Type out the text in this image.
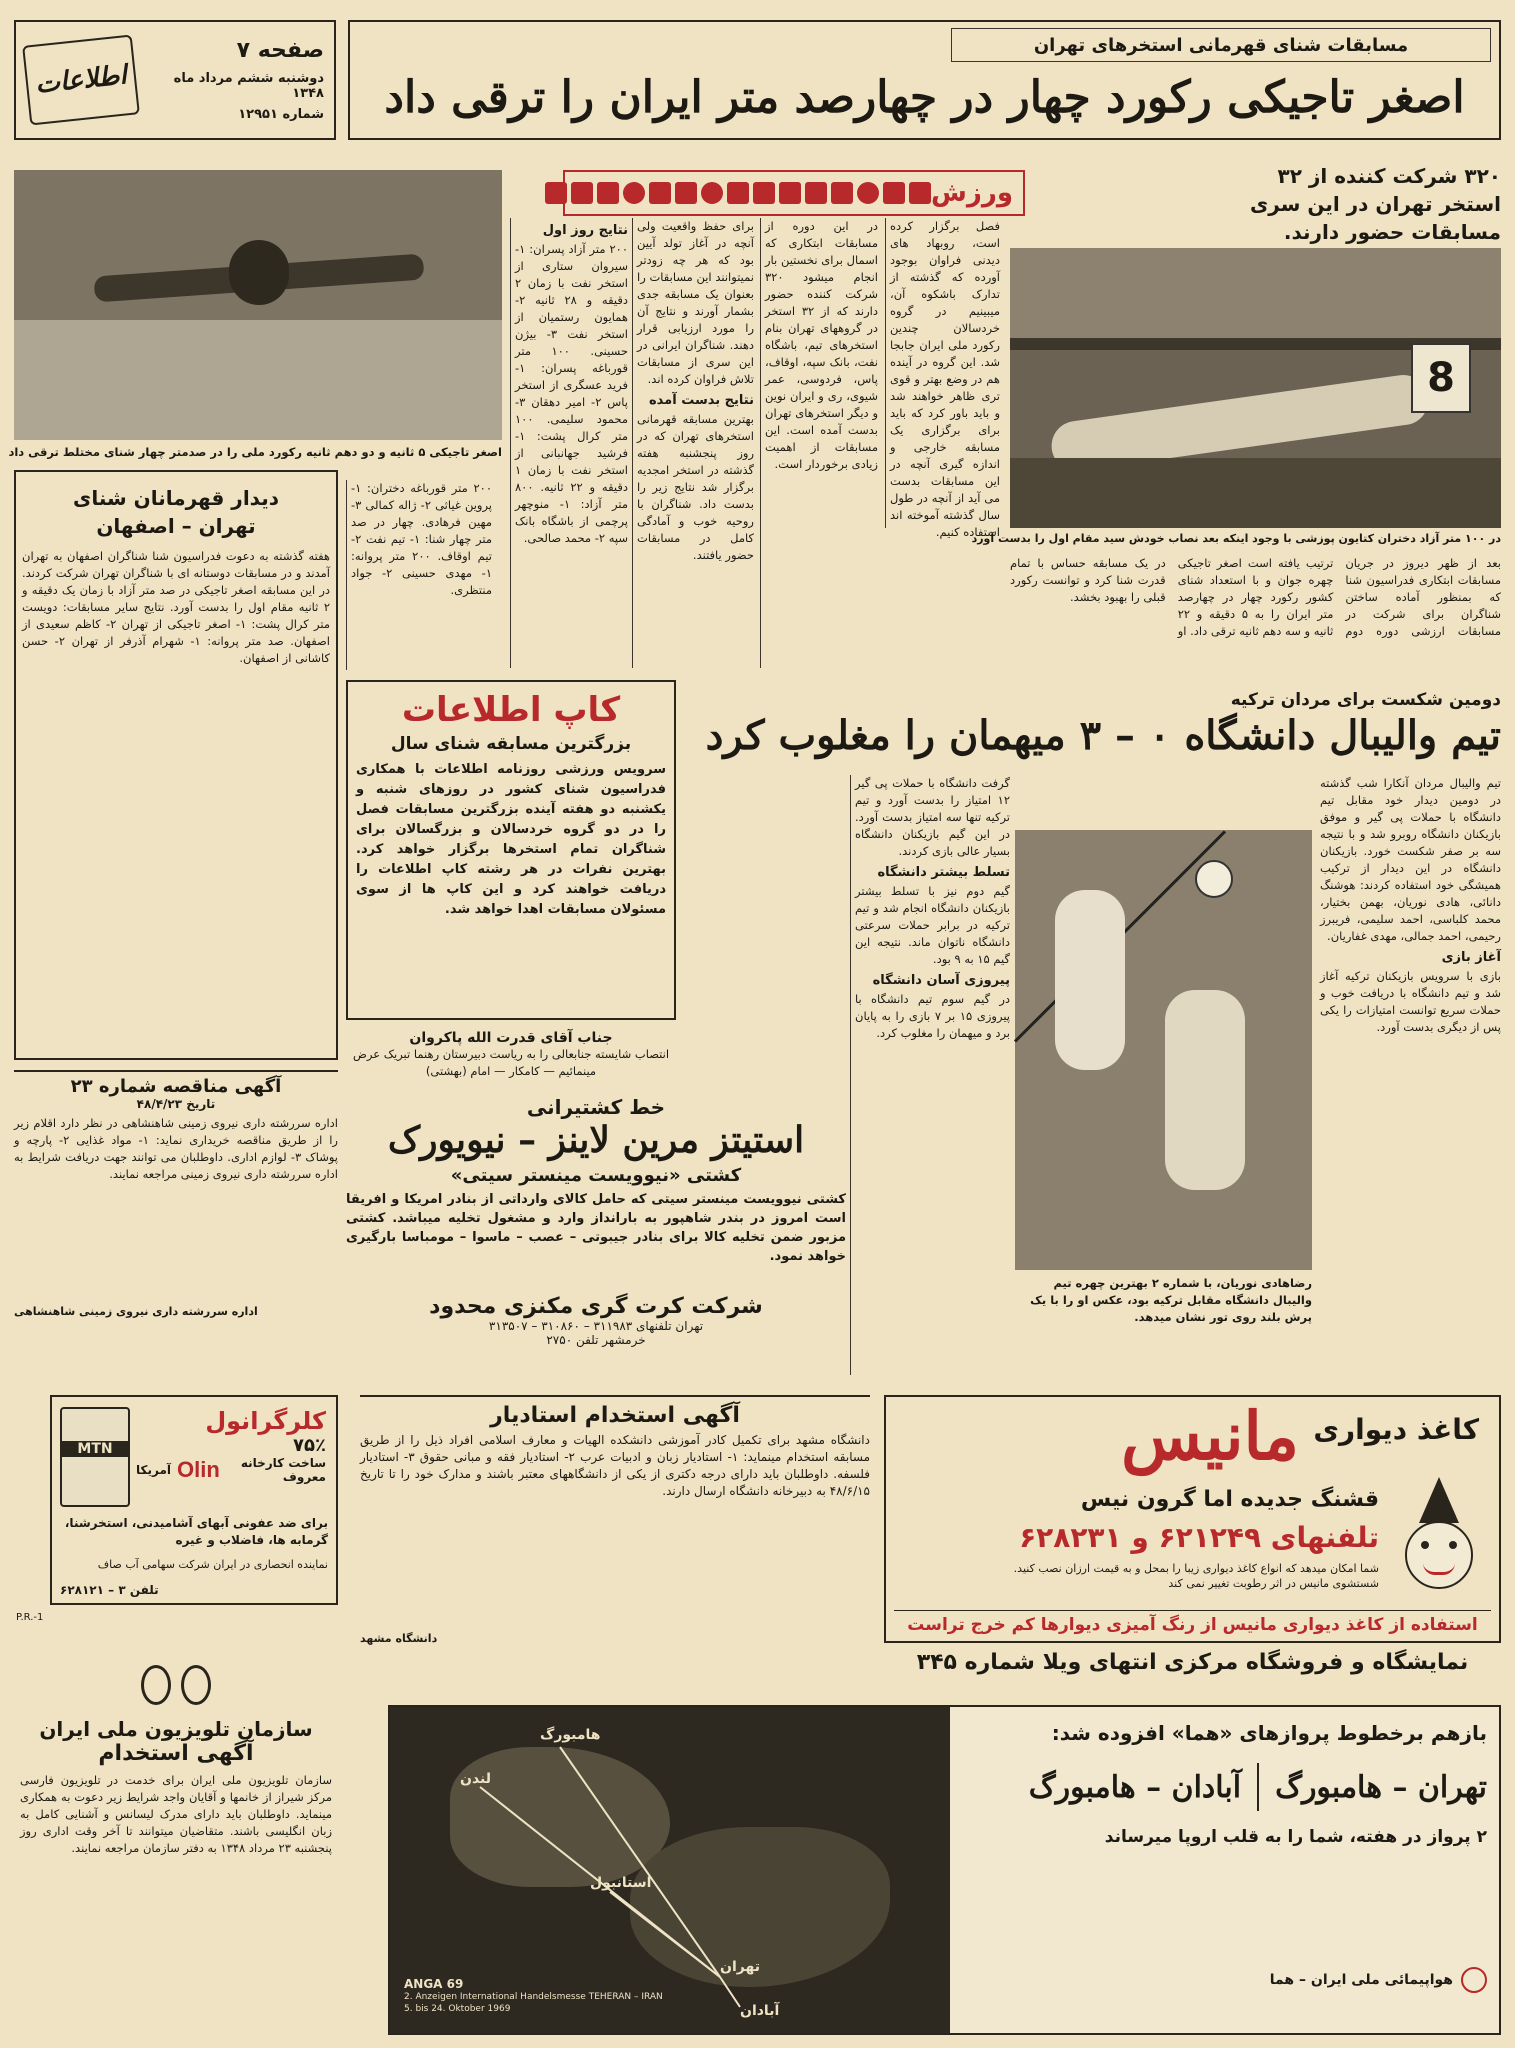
اطلاعات
صفحه ۷
دوشنبه ششم مرداد ماه ۱۳۴۸
شماره ۱۲۹۵۱
مسابقات شنای قهرمانی استخرهای تهران
اصغر تاجیکی رکورد چهار در چهارصد متر ایران را ترقی داد
ورزش
۳۲۰ شرکت کننده از ۳۲ استخر تهران در این سری مسابقات حضور دارند.
8
در ۱۰۰ متر آزاد دختران کتایون پوزشی با وجود اینکه بعد نصاب خودش سید مقام اول را بدست آورد
بعد از ظهر دیروز در جریان مسابقات ابتکاری فدراسیون شنا که بمنظور آماده ساختن شناگران برای شرکت در مسابقات ارزشی دوره دوم ترتیب یافته است اصغر تاجیکی چهره جوان و با استعداد شنای کشور رکورد چهار در چهارصد متر ایران را به ۵ دقیقه و ۲۲ ثانیه و سه دهم ثانیه ترقی داد. او در یک مسابقه حساس با تمام قدرت شنا کرد و توانست رکورد قبلی را بهبود بخشد.
فصل برگزار کرده است، روبهاد های دیدنی فراوان بوجود آورده که گذشته از تدارک باشکوه آن، میبینیم در گروه خردسالان چندین رکورد ملی ایران جابجا شد. این گروه در آینده هم در وضع بهتر و قوی تری ظاهر خواهند شد و باید باور کرد که باید برای برگزاری یک مسابقه خارجی و اندازه گیری آنچه در این مسابقات بدست می آید از آنچه در طول سال گذشته آموخته اند استفاده کنیم.
در این دوره از مسابقات ابتکاری که اسمال برای نخستین بار انجام میشود ۳۲۰ شرکت کننده حضور دارند که از ۳۲ استخر در گروههای تهران بنام استخرهای تیم، باشگاه نفت، بانک سپه، اوقاف، پاس، فردوسی، عمر شیوی، ری و ایران نوین و دیگر استخرهای تهران بدست آمده است. این مسابقات از اهمیت زیادی برخوردار است.
برای حفظ واقعیت ولی آنچه در آغاز تولد آیین بود که هر چه زودتر نمیتوانند این مسابقات را بعنوان یک مسابقه جدی بشمار آورند و نتایج آن را مورد ارزیابی قرار دهند. شناگران ایرانی در این سری از مسابقات تلاش فراوان کرده اند.
نتایج بدست آمده
بهترین مسابقه قهرمانی استخرهای تهران که در روز پنجشنبه هفته گذشته در استخر امجدیه برگزار شد نتایج زیر را بدست داد. شناگران با روحیه خوب و آمادگی کامل در مسابقات حضور یافتند.
نتایج روز اول
۲۰۰ متر آزاد پسران: ۱- سیروان ستاری از استخر نفت با زمان ۲ دقیقه و ۲۸ ثانیه ۲- همایون رستمیان از استخر نفت ۳- بیژن حسینی. ۱۰۰ متر قورباغه پسران: ۱- فرید عسگری از استخر پاس ۲- امیر دهقان ۳- محمود سلیمی. ۱۰۰ متر کرال پشت: ۱- فرشید جهانبانی از استخر نفت با زمان ۱ دقیقه و ۲۲ ثانیه. ۸۰۰ متر آزاد: ۱- منوچهر پرچمی از باشگاه بانک سپه ۲- محمد صالحی.
اصغر تاجیکی ۵ ثانیه و دو دهم ثانیه رکورد ملی را در صدمتر چهار شنای مختلط ترقی داد
دیدار قهرمانان شنای تهران – اصفهان
هفته گذشته به دعوت فدراسیون شنا شناگران اصفهان به تهران آمدند و در مسابقات دوستانه ای با شناگران تهران شرکت کردند. در این مسابقه اصغر تاجیکی در صد متر آزاد با زمان یک دقیقه و ۲ ثانیه مقام اول را بدست آورد. نتایج سایر مسابقات: دویست متر کرال پشت: ۱- اصغر تاجیکی از تهران ۲- کاظم سعیدی از اصفهان. صد متر پروانه: ۱- شهرام آذرفر از تهران ۲- حسن کاشانی از اصفهان.
۲۰۰ متر قورباغه دختران: ۱- پروین غیاثی ۲- ژاله کمالی ۳- مهین فرهادی. چهار در صد متر چهار شنا: ۱- تیم نفت ۲- تیم اوقاف. ۲۰۰ متر پروانه: ۱- مهدی حسینی ۲- جواد منتظری.
دومین شکست برای مردان ترکیه
تیم والیبال دانشگاه ۰ – ۳ میهمان را مغلوب کرد
تیم والیبال مردان آنکارا شب گذشته در دومین دیدار خود مقابل تیم دانشگاه با حملات پی گیر و موفق بازیکنان دانشگاه روبرو شد و با نتیجه سه بر صفر شکست خورد. بازیکنان دانشگاه در این دیدار از ترکیب همیشگی خود استفاده کردند: هوشنگ دانائی، هادی نوریان، بهمن بختیار، محمد کلباسی، احمد سلیمی، فریبرز رحیمی، احمد جمالی، مهدی غفاریان.
آغاز بازی
بازی با سرویس بازیکنان ترکیه آغاز شد و تیم دانشگاه با دریافت خوب و حملات سریع توانست امتیازات را یکی پس از دیگری بدست آورد.
رضاهادی نوریان، با شماره ۲ بهترین چهره تیم والیبال دانشگاه مقابل ترکیه بود، عکس او را با یک پرش بلند روی تور نشان میدهد.
گرفت دانشگاه با حملات پی گیر ۱۲ امتیاز را بدست آورد و تیم ترکیه تنها سه امتیاز بدست آورد. در این گیم بازیکنان دانشگاه بسیار عالی بازی کردند.
تسلط بیشتر دانشگاه
گیم دوم نیز با تسلط بیشتر بازیکنان دانشگاه انجام شد و تیم ترکیه در برابر حملات سرعتی دانشگاه ناتوان ماند. نتیجه این گیم ۱۵ به ۹ بود.
پیروزی آسان دانشگاه
در گیم سوم تیم دانشگاه با پیروزی ۱۵ بر ۷ بازی را به پایان برد و میهمان را مغلوب کرد.
کاپ اطلاعات
بزرگترین مسابقه شنای سال
سرویس ورزشی روزنامه اطلاعات با همکاری فدراسیون شنای کشور در روزهای شنبه و یکشنبه دو هفته آینده بزرگترین مسابقات فصل را در دو گروه خردسالان و بزرگسالان برای شناگران تمام استخرها برگزار خواهد کرد. بهترین نفرات در هر رشته کاپ اطلاعات را دریافت خواهند کرد و این کاپ ها از سوی مسئولان مسابقات اهدا خواهد شد.
جناب آقای قدرت الله پاکروان
انتصاب شایسته جنابعالی را به ریاست دبیرستان رهنما تبریک عرض مینمائیم — کامکار — امام (بهشتی)
آگهی مناقصه شماره ۲۳
تاریخ ۴۸/۴/۲۳
اداره سررشته داری نیروی زمینی شاهنشاهی در نظر دارد اقلام زیر را از طریق مناقصه خریداری نماید: ۱- مواد غذایی ۲- پارچه و پوشاک ۳- لوازم اداری. داوطلبان می توانند جهت دریافت شرایط به اداره سررشته داری نیروی زمینی مراجعه نمایند.
اداره سررشته داری نیروی زمینی شاهنشاهی
خط کشتیرانی
استیتز مرین لاینز – نیویورک
کشتی «نیوویست مینستر سیتی»
کشتی نیوویست مینستر سیتی که حامل کالای وارداتی از بنادر امریکا و افریقا است امروز در بندر شاهپور به بارانداز وارد و مشغول تخلیه میباشد. کشتی مزبور ضمن تخلیه کالا برای بنادر جیبوتی – عصب – ماسوا – مومباسا بارگیری خواهد نمود.
شرکت کرت گری مکنزی محدود
تهران تلفنهای ۳۱۱۹۸۳ – ۳۱۰۸۶۰ – ۳۱۳۵۰۷
خرمشهر تلفن ۲۷۵۰
کاغذ دیواری
مانیس
قشنگ جدیده اما گرون نیس
تلفنهای ۶۲۱۲۴۹ و ۶۲۸۲۳۱
شما امکان میدهد که انواع کاغذ دیواری زیبا را بمحل و به قیمت ارزان نصب کنید. شستشوی مانیس در اثر رطوبت تغییر نمی کند
استفاده از کاغذ دیواری مانیس از رنگ آمیزی دیوارها کم خرج تراست
نمایشگاه و فروشگاه مرکزی انتهای ویلا شماره ۳۴۵
MTN
کلرگرانول
۷۵٪
ساخت کارخانه معروف
Olin
آمریکا
برای ضد عفونی آبهای آشامیدنی، استخرشنا، گرمابه ها، فاضلاب و غیره
نماینده انحصاری در ایران شرکت سهامی آب صاف
تلفن ۳ – ۶۲۸۱۲۱
P.R.-1
آگهی استخدام استادیار
دانشگاه مشهد برای تکمیل کادر آموزشی دانشکده الهیات و معارف اسلامی افراد ذیل را از طریق مسابقه استخدام مینماید: ۱- استادیار زبان و ادبیات عرب ۲- استادیار فقه و مبانی حقوق ۳- استادیار فلسفه. داوطلبان باید دارای درجه دکتری از یکی از دانشگاههای معتبر باشند و مدارک خود را تا تاریخ ۴۸/۶/۱۵ به دبیرخانه دانشگاه ارسال دارند.
دانشگاه مشهد
سازمان تلویزیون ملی ایران
آگهی استخدام
سازمان تلویزیون ملی ایران برای خدمت در تلویزیون فارسی مرکز شیراز از خانمها و آقایان واجد شرایط زیر دعوت به همکاری مینماید. داوطلبان باید دارای مدرک لیسانس و آشنایی کامل به زبان انگلیسی باشند. متقاضیان میتوانند تا آخر وقت اداری روز پنجشنبه ۲۳ مرداد ۱۳۴۸ به دفتر سازمان مراجعه نمایند.
هامبورگ
لندن
استانبول
تهران
آبادان
ANGA 69
2. Anzeigen International Handelsmesse TEHERAN – IRAN 5. bis 24. Oktober 1969
بازهم برخطوط پروازهای «هما» افزوده شد:
تهران – هامبورگ
آبادان – هامبورگ
۲ پرواز در هفته، شما را به قلب اروپا میرساند
هواپیمائی ملی ایران – هما
